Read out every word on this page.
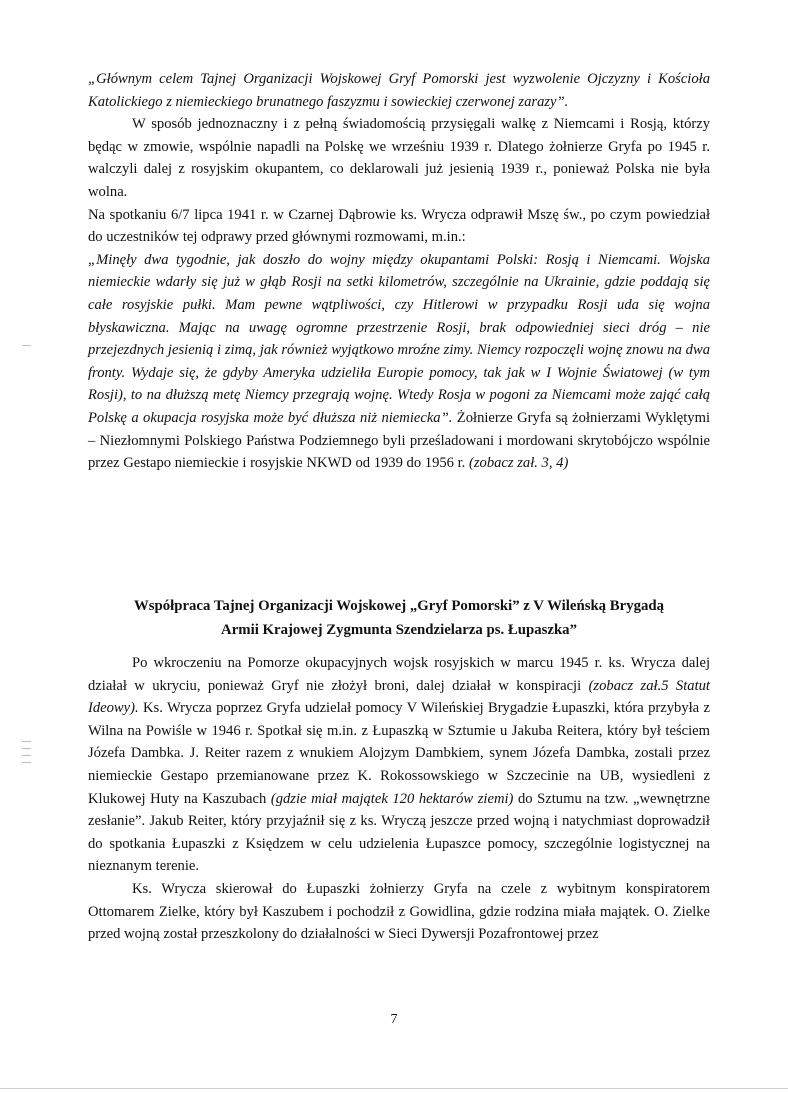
„Głównym celem Tajnej Organizacji Wojskowej Gryf Pomorski jest wyzwolenie Ojczyzny i Kościoła Katolickiego z niemieckiego brunatnego faszyzmu i sowieckiej czerwonej zarazy”.

W sposób jednoznaczny i z pełną świadomością przysięgali walkę z Niemcami i Rosją, którzy będąc w zmowie, wspólnie napadli na Polskę we wrześniu 1939 r. Dlatego żołnierze Gryfa po 1945 r. walczyli dalej z rosyjskim okupantem, co deklarowali już jesienią 1939 r., ponieważ Polska nie była wolna.

Na spotkaniu 6/7 lipca 1941 r. w Czarnej Dąbrowie ks. Wrycza odprawił Mszę św., po czym powiedział do uczestników tej odprawy przed głównymi rozmowami, m.in.:

„Minęły dwa tygodnie, jak doszło do wojny między okupantami Polski: Rosją i Niemcami. Wojska niemieckie wdarły się już w głąb Rosji na setki kilometrów, szczególnie na Ukrainie, gdzie poddają się całe rosyjskie pułki. Mam pewne wątpliwości, czy Hitlerowi w przypadku Rosji uda się wojna błyskawiczna. Mając na uwagę ogromne przestrzenie Rosji, brak odpowiedniej sieci dróg – nie przejezdnych jesienią i zimą, jak również wyjątkowo mroźne zimy. Niemcy rozpoczęli wojnę znowu na dwa fronty. Wydaje się, że gdyby Ameryka udzieliła Europie pomocy, tak jak w I Wojnie Światowej (w tym Rosji), to na dłuższą metę Niemcy przegrają wojnę. Wtedy Rosja w pogoni za Niemcami może zająć całą Polskę a okupacja rosyjska może być dłuższa niż niemiecka”. Żołnierze Gryfa są żołnierzami Wyklętymi – Niezłomnymi Polskiego Państwa Podziemnego byli prześladowani i mordowani skrytobójczo wspólnie przez Gestapo niemieckie i rosyjskie NKWD od 1939 do 1956 r. (zobacz zał. 3, 4)

Współpraca Tajnej Organizacji Wojskowej „Gryf Pomorski” z V Wileńską Brygadą
Armii Krajowej Zygmunta Szendzielarza ps. Łupaszka”

Po wkroczeniu na Pomorze okupacyjnych wojsk rosyjskich w marcu 1945 r. ks. Wrycza dalej działał w ukryciu, ponieważ Gryf nie złożył broni, dalej działał w konspiracji (zobacz zał.5 Statut Ideowy). Ks. Wrycza poprzez Gryfa udzielał pomocy V Wileńskiej Brygadzie Łupaszki, która przybyła z Wilna na Powiśle w 1946 r. Spotkał się m.in. z Łupaszką w Sztumie u Jakuba Reitera, który był teściem Józefa Dambka. J. Reiter razem z wnukiem Alojzym Dambkiem, synem Józefa Dambka, zostali przez niemieckie Gestapo przemianowane przez K. Rokossowskiego w Szczecinie na UB, wysiedleni z Klukowej Huty na Kaszubach (gdzie miał majątek 120 hektarów ziemi) do Sztumu na tzw. „wewnętrzne zesłanie”. Jakub Reiter, który przyjaźnił się z ks. Wryczą jeszcze przed wojną i natychmiast doprowadził do spotkania Łupaszki z Księdzem w celu udzielenia Łupaszce pomocy, szczególnie logistycznej na nieznanym terenie.

Ks. Wrycza skierował do Łupaszki żołnierzy Gryfa na czele z wybitnym konspiratorem Ottomarem Zielke, który był Kaszubem i pochodził z Gowidlina, gdzie rodzina miała majątek. O. Zielke przed wojną został przeszkolony do działalności w Sieci Dywersji Pozafrontowej przez

7
